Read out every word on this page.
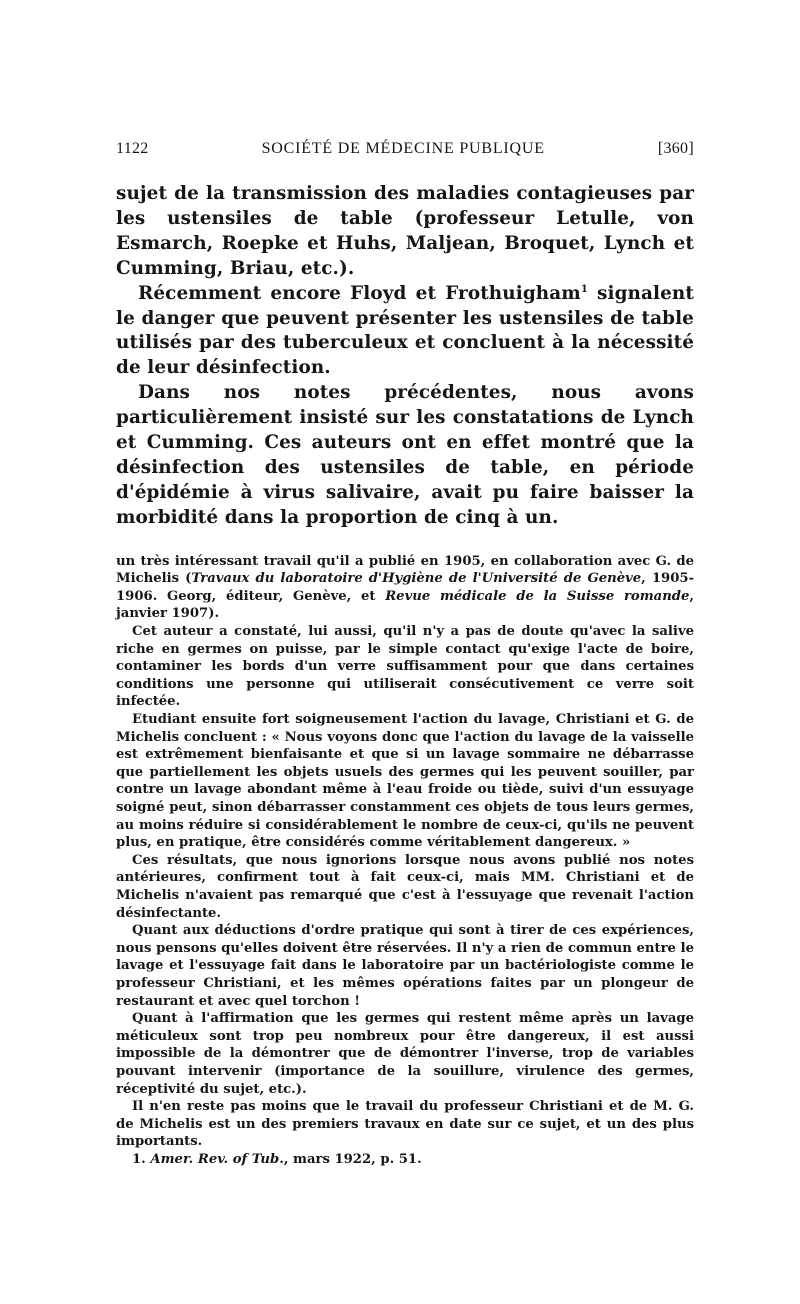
1122	SOCIÉTÉ DE MÉDECINE PUBLIQUE	[360]

sujet de la transmission des maladies contagieuses par les ustensiles de table (professeur Letulle, von Esmarch, Roepke et Huhs, Maljean, Broquet, Lynch et Cumming, Briau, etc.).

Récemment encore Floyd et Frothuigham$^1$ signalent le danger que peuvent présenter les ustensiles de table utilisés par des tuberculeux et concluent à la nécessité de leur désinfection.

Dans nos notes précédentes, nous avons particulièrement insisté sur les constatations de Lynch et Cumming. Ces auteurs ont en effet montré que la désinfection des ustensiles de table, en période d'épidémie à virus salivaire, avait pu faire baisser la morbidité dans la proportion de cinq à un.

un très intéressant travail qu'il a publié en 1905, en collaboration avec G. de Michelis (Travaux du laboratoire d'Hygiène de l'Université de Genève, 1905-1906. Georg, éditeur, Genève, et Revue médicale de la Suisse romande, janvier 1907).

Cet auteur a constaté, lui aussi, qu'il n'y a pas de doute qu'avec la salive riche en germes on puisse, par le simple contact qu'exige l'acte de boire, contaminer les bords d'un verre suffisamment pour que dans certaines conditions une personne qui utiliserait consécutivement ce verre soit infectée.

Etudiant ensuite fort soigneusement l'action du lavage, Christiani et G. de Michelis concluent : « Nous voyons donc que l'action du lavage de la vaisselle est extrêmement bienfaisante et que si un lavage sommaire ne débarrasse que partiellement les objets usuels des germes qui les peuvent souiller, par contre un lavage abondant même à l'eau froide ou tiède, suivi d'un essuyage soigné peut, sinon débarrasser constamment ces objets de tous leurs germes, au moins réduire si considérablement le nombre de ceux-ci, qu'ils ne peuvent plus, en pratique, être considérés comme véritablement dangereux. »

Ces résultats, que nous ignorions lorsque nous avons publié nos notes antérieures, confirment tout à fait ceux-ci, mais MM. Christiani et de Michelis n'avaient pas remarqué que c'est à l'essuyage que revenait l'action désinfectante.

Quant aux déductions d'ordre pratique qui sont à tirer de ces expériences, nous pensons qu'elles doivent être réservées. Il n'y a rien de commun entre le lavage et l'essuyage fait dans le laboratoire par un bactériologiste comme le professeur Christiani, et les mêmes opérations faites par un plongeur de restaurant et avec quel torchon !

Quant à l'affirmation que les germes qui restent même après un lavage méticuleux sont trop peu nombreux pour être dangereux, il est aussi impossible de la démontrer que de démontrer l'inverse, trop de variables pouvant intervenir (importance de la souillure, virulence des germes, réceptivité du sujet, etc.).

Il n'en reste pas moins que le travail du professeur Christiani et de M. G. de Michelis est un des premiers travaux en date sur ce sujet, et un des plus importants.

1. Amer. Rev. of Tub., mars 1922, p. 51.
